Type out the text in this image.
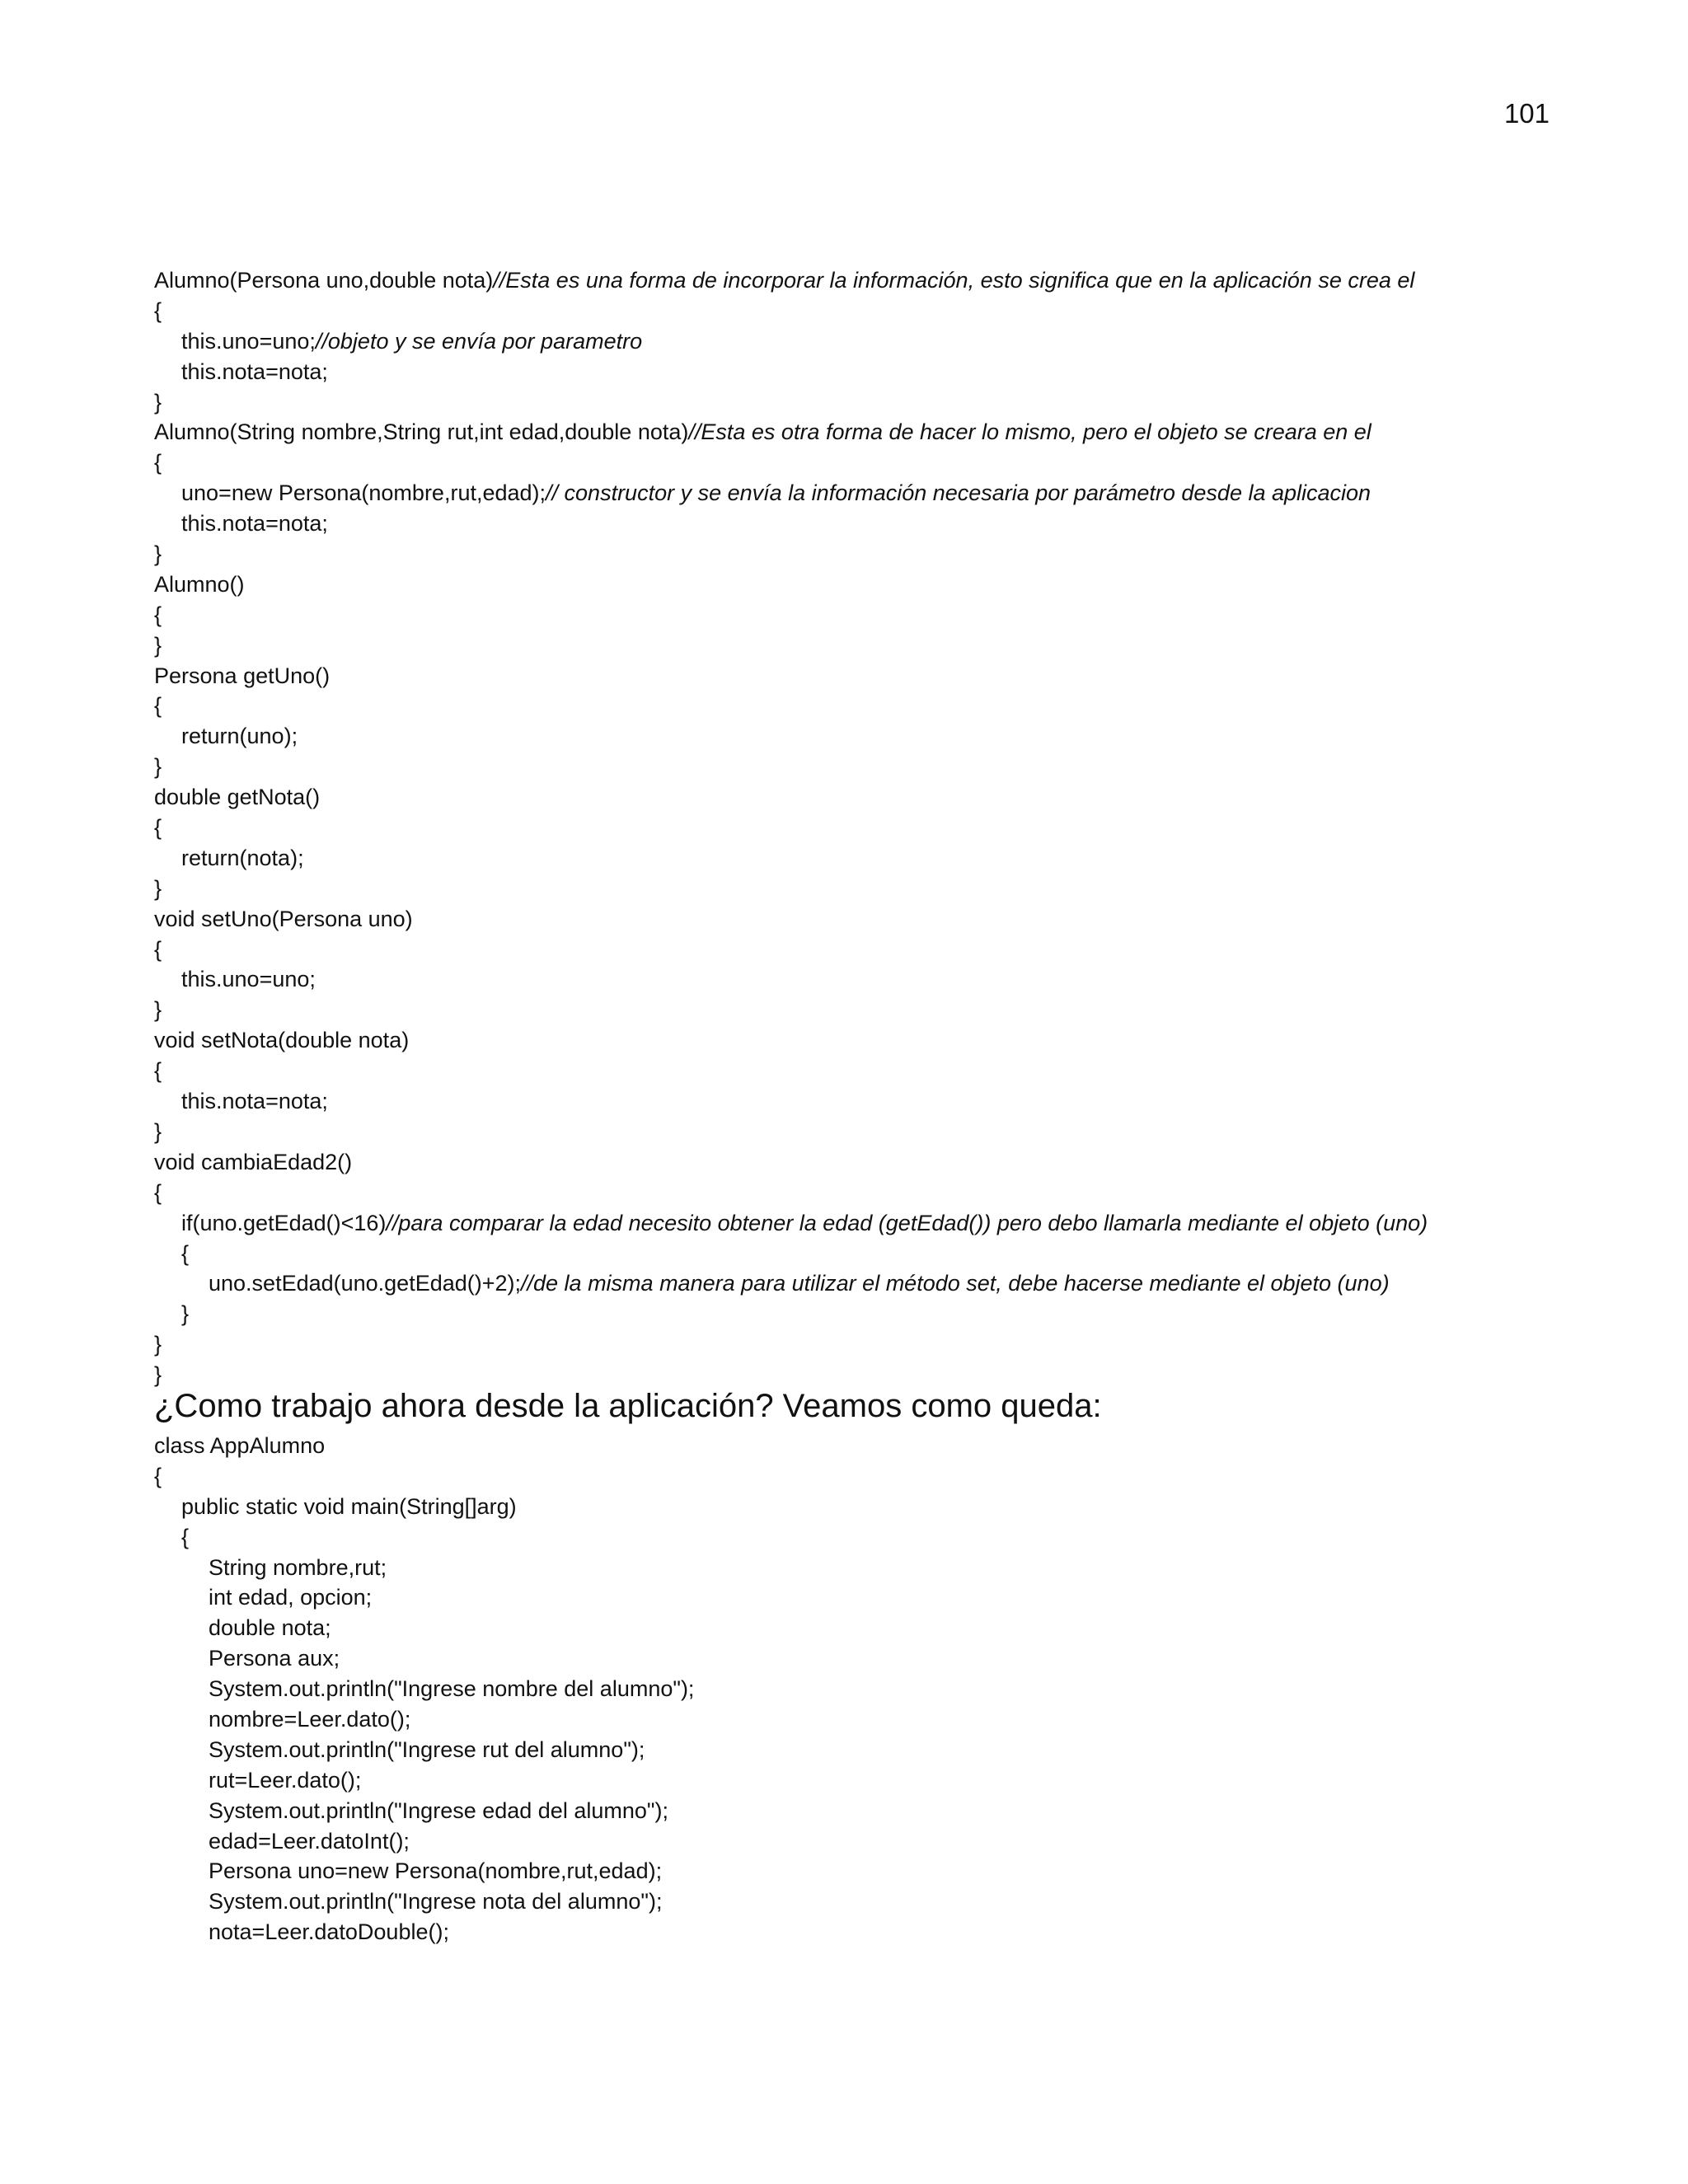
101
Alumno(Persona uno,double nota)//Esta es una forma de incorporar la información, esto significa que en la aplicación se crea el
{
this.uno=uno;//objeto y se envía por parametro
this.nota=nota;
}
Alumno(String nombre,String rut,int edad,double nota)//Esta es otra forma de hacer lo mismo, pero el objeto se creara en el
{
uno=new Persona(nombre,rut,edad);// constructor y se envía la información necesaria por parámetro desde la aplicacion
this.nota=nota;
}
Alumno()
{
}
Persona getUno()
{
return(uno);
}
double getNota()
{
return(nota);
}
void setUno(Persona uno)
{
this.uno=uno;
}
void setNota(double nota)
{
this.nota=nota;
}
void cambiaEdad2()
{
if(uno.getEdad()<16)//para comparar la edad necesito obtener la edad (getEdad()) pero debo llamarla mediante el objeto (uno)
{
uno.setEdad(uno.getEdad()+2);//de la misma manera para utilizar el método set, debe hacerse mediante el objeto (uno)
}
}
}
¿Como trabajo ahora desde la aplicación? Veamos como queda:
class AppAlumno
{
public static void main(String[]arg)
{
String nombre,rut;
int edad, opcion;
double nota;
Persona aux;
System.out.println("Ingrese nombre del alumno");
nombre=Leer.dato();
System.out.println("Ingrese rut del alumno");
rut=Leer.dato();
System.out.println("Ingrese edad del alumno");
edad=Leer.datoInt();
Persona uno=new Persona(nombre,rut,edad);
System.out.println("Ingrese nota del alumno");
nota=Leer.datoDouble();
